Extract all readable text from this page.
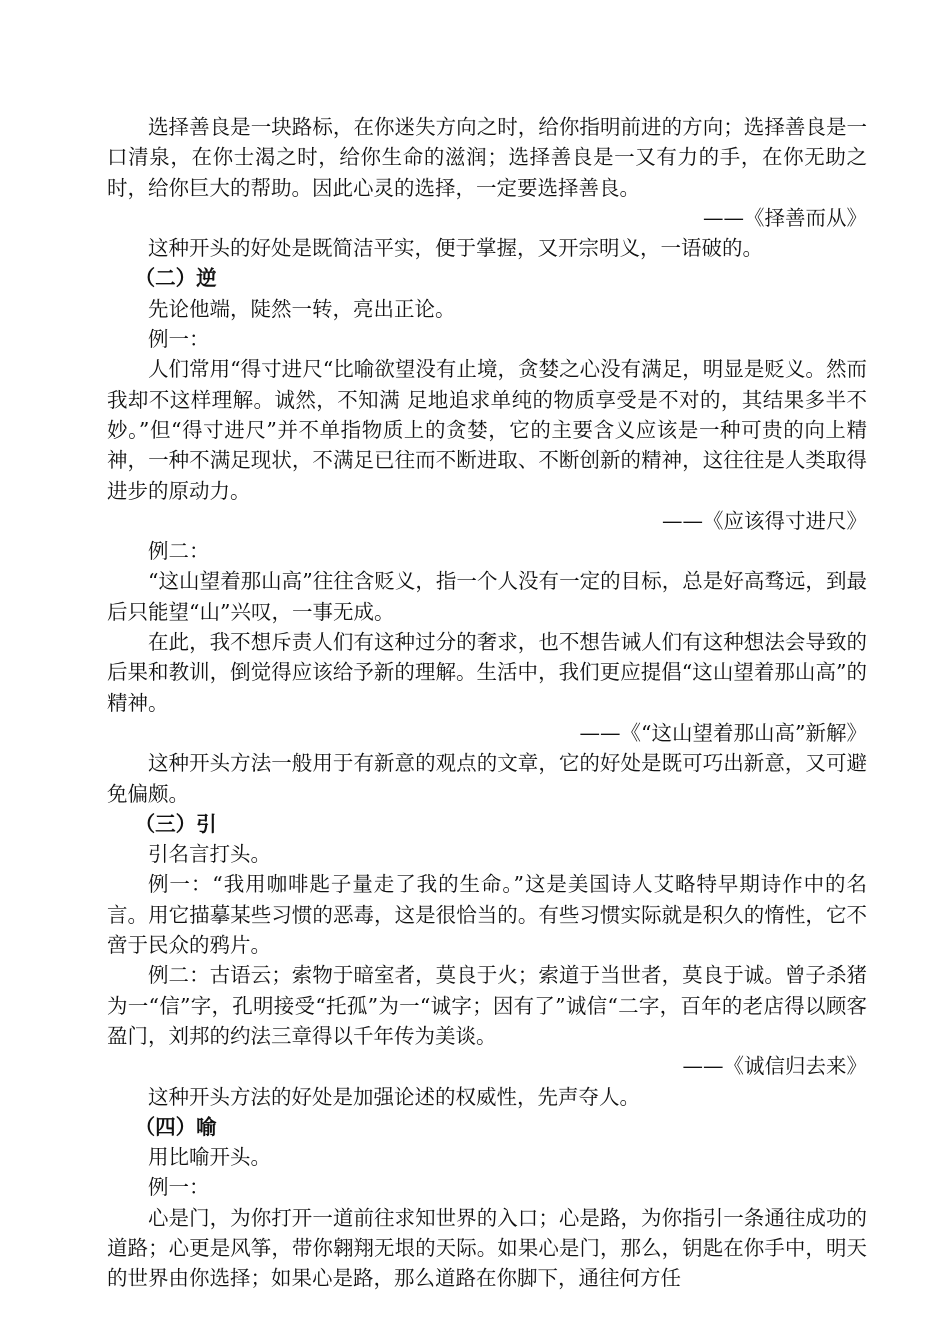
选择善良是一块路标，在你迷失方向之时，给你指明前进的方向；选择善良是一口清泉，在你士渴之时，给你生命的滋润；选择善良是一又有力的手，在你无助之时，给你巨大的帮助。因此心灵的选择，一定要选择善良。

——《择善而从》

这种开头的好处是既简洁平实，便于掌握，又开宗明义，一语破的。

（二）逆

先论他端，陡然一转，亮出正论。

例一：

人们常用“得寸进尺“比喻欲望没有止境，贪婪之心没有满足，明显是贬义。然而我却不这样理解。诚然，不知满 足地追求单纯的物质享受是不对的，其结果多半不妙。”但“得寸进尺”并不单指物质上的贪婪，它的主要含义应该是一种可贵的向上精神，一种不满足现状，不满足已往而不断进取、不断创新的精神，这往往是人类取得进步的原动力。

——《应该得寸进尺》

例二：

“这山望着那山高”往往含贬义，指一个人没有一定的目标，总是好高骛远，到最后只能望“山”兴叹，一事无成。

在此，我不想斥责人们有这种过分的奢求，也不想告诫人们有这种想法会导致的后果和教训，倒觉得应该给予新的理解。生活中，我们更应提倡“这山望着那山高”的精神。

——《“这山望着那山高”新解》

这种开头方法一般用于有新意的观点的文章，它的好处是既可巧出新意，又可避免偏颇。

（三）引

引名言打头。

例一：“我用咖啡匙子量走了我的生命。”这是美国诗人艾略特早期诗作中的名言。用它描摹某些习惯的恶毒，这是很恰当的。有些习惯实际就是积久的惰性，它不啻于民众的鸦片。

例二：古语云；索物于暗室者，莫良于火；索道于当世者，莫良于诚。曾子杀猪为一“信”字，孔明接受“托孤”为一“诚字；因有了”诚信“二字，百年的老店得以顾客盈门，刘邦的约法三章得以千年传为美谈。

——《诚信归去来》

这种开头方法的好处是加强论述的权威性，先声夺人。

（四）喻

用比喻开头。

例一：

心是门，为你打开一道前往求知世界的入口；心是路，为你指引一条通往成功的道路；心更是风筝，带你翱翔无垠的天际。如果心是门，那么，钥匙在你手中，明天的世界由你选择；如果心是路，那么道路在你脚下，通往何方任
